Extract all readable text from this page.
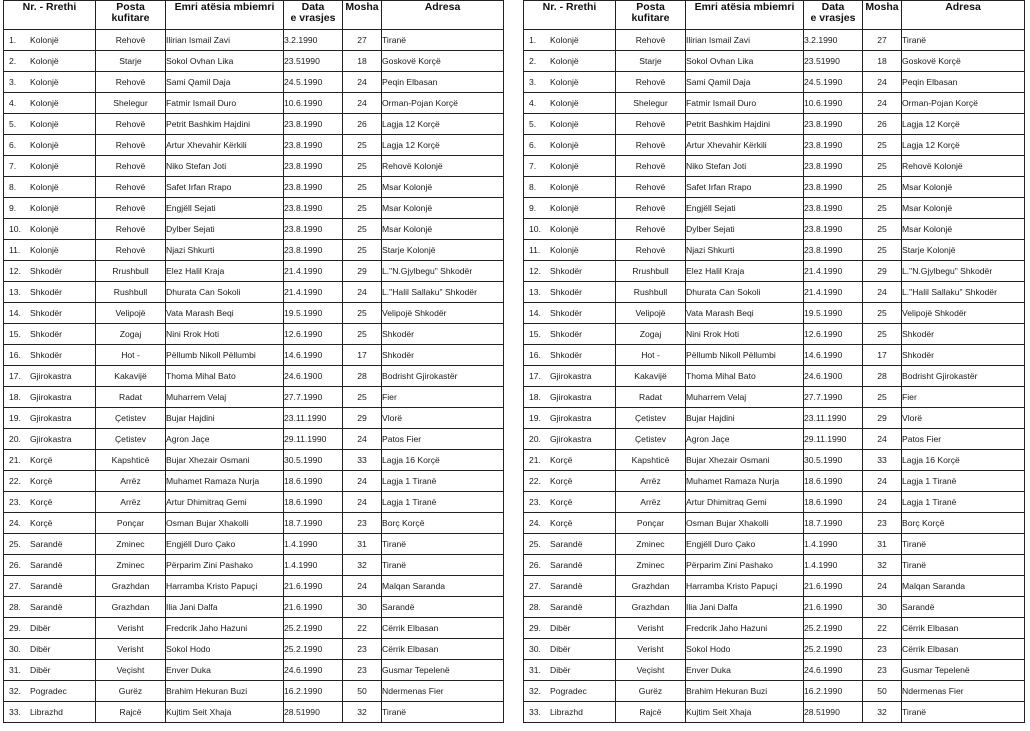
Nr. - Rrethi	Posta
kufitare	Emri atësia mbiemri	Data
e vrasjes	Mosha	Adresa
1. Kolonjë	Rehovë	Ilirian Ismail Zavi	3.2.1990	27	Tiranë
2. Kolonjë	Starje	Sokol Ovhan Lika	23.51990	18	Goskovë Korçë
3. Kolonjë	Rehovë	Sami Qamil Daja	24.5.1990	24	Peqin Elbasan
4. Kolonjë	Shelegur	Fatmir Ismail Duro	10.6.1990	24	Orman-Pojan Korçë
5. Kolonjë	Rehovë	Petrit Bashkim Hajdini	23.8.1990	26	Lagja 12 Korçë
6. Kolonjë	Rehovë	Artur Xhevahir Kërkili	23.8.1990	25	Lagja 12 Korçë
7. Kolonjë	Rehovë	Niko Stefan Joti	23.8.1990	25	Rehovë Kolonjë
8. Kolonjë	Rehovë	Safet Irfan Rrapo	23.8.1990	25	Msar Kolonjë
9. Kolonjë	Rehovë	Engjëll Sejati	23.8.1990	25	Msar Kolonjë
10. Kolonjë	Rehovë	Dylber Sejati	23.8.1990	25	Msar Kolonjë
11. Kolonjë	Rehovë	Njazi Shkurti	23.8.1990	25	Starje Kolonjë
12. Shkodër	Rrushbull	Elez Halil Kraja	21.4.1990	29	L."N.Gjylbegu" Shkodër
13. Shkodër	Rushbull	Dhurata Can Sokoli	21.4.1990	24	L."Halil Sallaku" Shkodër
14. Shkodër	Velipojë	Vata Marash Beqi	19.5.1990	25	Velipojë Shkodër
15. Shkodër	Zogaj	Nini Rrok Hoti	12.6.1990	25	Shkodër
16. Shkodër	Hot -	Pëllumb Nikoll Pëllumbi	14.6.1990	17	Shkodër
17. Gjirokastra	Kakavijë	Thoma Mihal Bato	24.6.1900	28	Bodrisht Gjirokastër
18. Gjirokastra	Radat	Muharrem Velaj	27.7.1990	25	Fier
19. Gjirokastra	Çetistev	Bujar Hajdini	23.11.1990	29	Vlorë
20. Gjirokastra	Çetistev	Agron Jaçe	29.11.1990	24	Patos Fier
21. Korçë	Kapshticë	Bujar Xhezair Osmani	30.5.1990	33	Lagja 16 Korçë
22. Korçë	Arrëz	Muhamet Ramaza Nurja	18.6.1990	24	Lagja 1 Tiranë
23. Korçë	Arrëz	Artur Dhimitraq Gemi	18.6.1990	24	Lagja 1 Tiranë
24. Korçë	Ponçar	Osman Bujar Xhakolli	18.7.1990	23	Borç Korçë
25. Sarandë	Zminec	Engjëll Duro Çako	1.4.1990	31	Tiranë
26. Sarandë	Zminec	Përparim Zini Pashako	1.4.1990	32	Tiranë
27. Sarandë	Grazhdan	Harramba Kristo Papuçi	21.6.1990	24	Malqan Saranda
28. Sarandë	Grazhdan	Ilia Jani Dalfa	21.6.1990	30	Sarandë
29. Dibër	Verisht	Fredcrik Jaho Hazuni	25.2.1990	22	Cërrik Elbasan
30. Dibër	Verisht	Sokol Hodo	25.2.1990	23	Cërrik Elbasan
31. Dibër	Veçisht	Enver Duka	24.6.1990	23	Gusmar Tepelenë
32. Pogradec	Gurëz	Brahim Hekuran Buzi	16.2.1990	50	Ndermenas Fier
33. Librazhd	Rajcë	Kujtim Seit Xhaja	28.51990	32	Tiranë
Nr. - Rrethi	Posta
kufitare	Emri atësia mbiemri	Data
e vrasjes	Mosha	Adresa
1. Kolonjë	Rehovë	Ilirian Ismail Zavi	3.2.1990	27	Tiranë
2. Kolonjë	Starje	Sokol Ovhan Lika	23.51990	18	Goskovë Korçë
3. Kolonjë	Rehovë	Sami Qamil Daja	24.5.1990	24	Peqin Elbasan
4. Kolonjë	Shelegur	Fatmir Ismail Duro	10.6.1990	24	Orman-Pojan Korçë
5. Kolonjë	Rehovë	Petrit Bashkim Hajdini	23.8.1990	26	Lagja 12 Korçë
6. Kolonjë	Rehovë	Artur Xhevahir Kërkili	23.8.1990	25	Lagja 12 Korçë
7. Kolonjë	Rehovë	Niko Stefan Joti	23.8.1990	25	Rehovë Kolonjë
8. Kolonjë	Rehovë	Safet Irfan Rrapo	23.8.1990	25	Msar Kolonjë
9. Kolonjë	Rehovë	Engjëll Sejati	23.8.1990	25	Msar Kolonjë
10. Kolonjë	Rehovë	Dylber Sejati	23.8.1990	25	Msar Kolonjë
11. Kolonjë	Rehovë	Njazi Shkurti	23.8.1990	25	Starje Kolonjë
12. Shkodër	Rrushbull	Elez Halil Kraja	21.4.1990	29	L."N.Gjylbegu" Shkodër
13. Shkodër	Rushbull	Dhurata Can Sokoli	21.4.1990	24	L."Halil Sallaku" Shkodër
14. Shkodër	Velipojë	Vata Marash Beqi	19.5.1990	25	Velipojë Shkodër
15. Shkodër	Zogaj	Nini Rrok Hoti	12.6.1990	25	Shkodër
16. Shkodër	Hot -	Pëllumb Nikoll Pëllumbi	14.6.1990	17	Shkodër
17. Gjirokastra	Kakavijë	Thoma Mihal Bato	24.6.1900	28	Bodrisht Gjirokastër
18. Gjirokastra	Radat	Muharrem Velaj	27.7.1990	25	Fier
19. Gjirokastra	Çetistev	Bujar Hajdini	23.11.1990	29	Vlorë
20. Gjirokastra	Çetistev	Agron Jaçe	29.11.1990	24	Patos Fier
21. Korçë	Kapshticë	Bujar Xhezair Osmani	30.5.1990	33	Lagja 16 Korçë
22. Korçë	Arrëz	Muhamet Ramaza Nurja	18.6.1990	24	Lagja 1 Tiranë
23. Korçë	Arrëz	Artur Dhimitraq Gemi	18.6.1990	24	Lagja 1 Tiranë
24. Korçë	Ponçar	Osman Bujar Xhakolli	18.7.1990	23	Borç Korçë
25. Sarandë	Zminec	Engjëll Duro Çako	1.4.1990	31	Tiranë
26. Sarandë	Zminec	Përparim Zini Pashako	1.4.1990	32	Tiranë
27. Sarandë	Grazhdan	Harramba Kristo Papuçi	21.6.1990	24	Malqan Saranda
28. Sarandë	Grazhdan	Ilia Jani Dalfa	21.6.1990	30	Sarandë
29. Dibër	Verisht	Fredcrik Jaho Hazuni	25.2.1990	22	Cërrik Elbasan
30. Dibër	Verisht	Sokol Hodo	25.2.1990	23	Cërrik Elbasan
31. Dibër	Veçisht	Enver Duka	24.6.1990	23	Gusmar Tepelenë
32. Pogradec	Gurëz	Brahim Hekuran Buzi	16.2.1990	50	Ndermenas Fier
33. Librazhd	Rajcë	Kujtim Seit Xhaja	28.51990	32	Tiranë
